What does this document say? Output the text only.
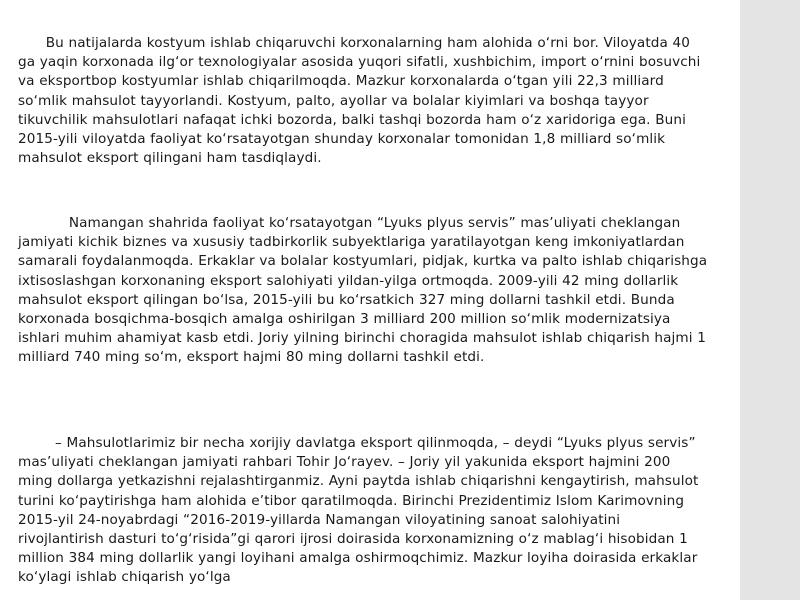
Bu natijalarda kostyum ishlab chiqaruvchi korxonalarning ham alohida o‘rni bor. Viloyatda 40 ga yaqin korxonada ilg‘or texnologiyalar asosida yuqori sifatli, xushbichim, import o‘rnini bosuvchi va eksportbop kostyumlar ishlab chiqarilmoqda. Mazkur korxonalarda o‘tgan yili 22,3 milliard so‘mlik mahsulot tayyorlandi. Kostyum, palto, ayollar va bolalar kiyimlari va boshqa tayyor tikuvchilik mahsulotlari nafaqat ichki bozorda, balki tashqi bozorda ham o‘z xaridoriga ega. Buni 2015-yili viloyatda faoliyat ko‘rsatayotgan shunday korxonalar tomonidan 1,8 milliard so‘mlik mahsulot eksport qilingani ham tasdiqlaydi.

Namangan shahrida faoliyat ko‘rsatayotgan “Lyuks plyus servis” mas’uliyati cheklangan jamiyati kichik biznes va xususiy tadbirkorlik subyektlariga yaratilayotgan keng imkoniyatlardan samarali foydalanmoqda. Erkaklar va bolalar kostyumlari, pidjak, kurtka va palto ishlab chiqarishga ixtisoslashgan korxonaning eksport salohiyati yildan-yilga ortmoqda. 2009-yili 42 ming dollarlik mahsulot eksport qilingan bo‘lsa, 2015-yili bu ko‘rsatkich 327 ming dollarni tashkil etdi. Bunda korxonada bosqichma-bosqich amalga oshirilgan 3 milliard 200 million so‘mlik modernizatsiya ishlari muhim ahamiyat kasb etdi. Joriy yilning birinchi choragida mahsulot ishlab chiqarish hajmi 1 milliard 740 ming so‘m, eksport hajmi 80 ming dollarni tashkil etdi.

– Mahsulotlarimiz bir necha xorijiy davlatga eksport qilinmoqda, – deydi “Lyuks plyus servis” mas’uliyati cheklangan jamiyati rahbari Tohir Jo‘rayev. – Joriy yil yakunida eksport hajmini 200 ming dollarga yetkazishni rejalashtirganmiz. Ayni paytda ishlab chiqarishni kengaytirish, mahsulot turini ko‘paytirishga ham alohida e’tibor qaratilmoqda. Birinchi Prezidentimiz Islom Karimovning 2015-yil 24-noyabrdagi “2016-2019-yillarda Namangan viloyatining sanoat salohiyatini rivojlantirish dasturi to‘g‘risida”gi qarori ijrosi doirasida korxonamizning o‘z mablag‘i hisobidan 1 million 384 ming dollarlik yangi loyihani amalga oshirmoqchimiz. Mazkur loyiha doirasida erkaklar ko‘ylagi ishlab chiqarish yo‘lga
